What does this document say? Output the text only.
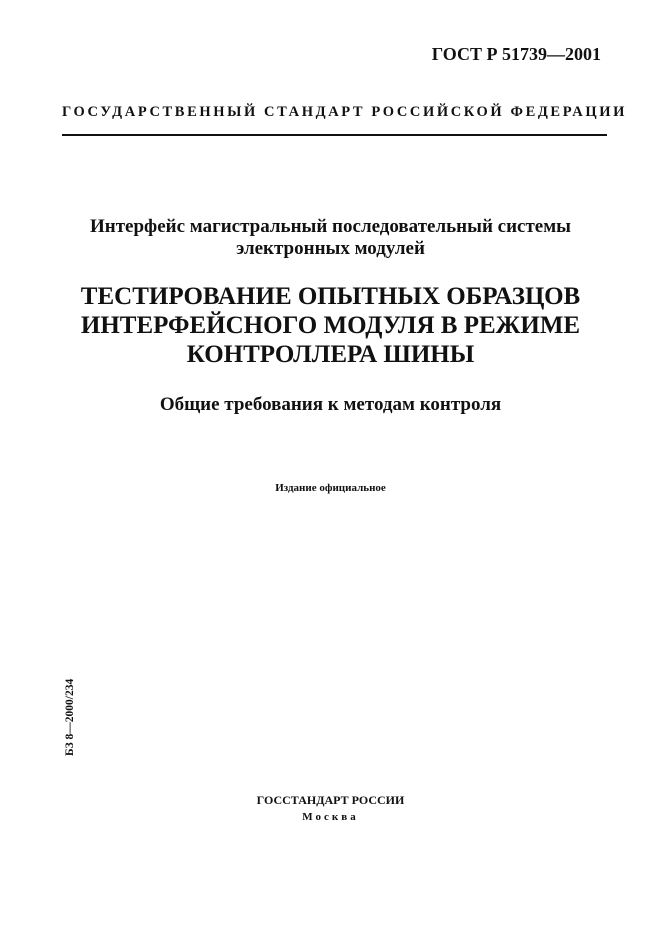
ГОСТ Р 51739—2001
ГОСУДАРСТВЕННЫЙ СТАНДАРТ РОССИЙСКОЙ ФЕДЕРАЦИИ
Интерфейс магистральный последовательный системы
электронных модулей
ТЕСТИРОВАНИЕ ОПЫТНЫХ ОБРАЗЦОВ
ИНТЕРФЕЙСНОГО МОДУЛЯ В РЕЖИМЕ
КОНТРОЛЛЕРА ШИНЫ
Общие требования к методам контроля
Издание официальное
БЗ 8—2000/234
ГОССТАНДАРТ РОССИИ
Москва
